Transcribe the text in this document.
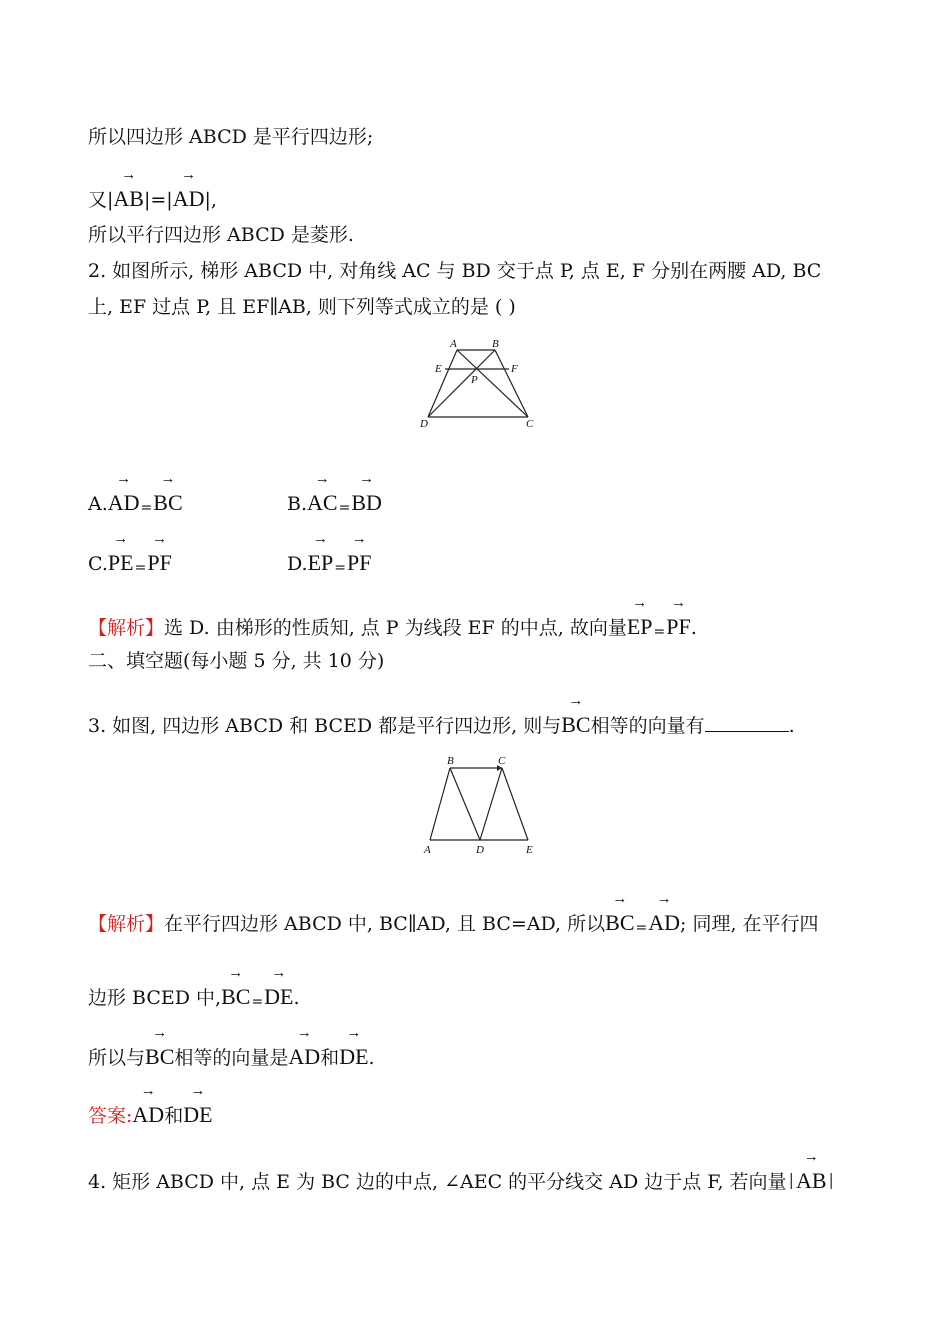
所以四边形 ABCD 是平行四边形;
又|→ AB|=|→ AD|,
所以平行四边形 ABCD 是菱形.
2. 如图所示, 梯形 ABCD 中, 对角线 AC 与 BD 交于点 P, 点 E, F 分别在两腰 AD, BC
上, EF 过点 P, 且 EF∥AB, 则下列等式成立的是 ( )
A	B
E	F
P
D	C
A.→ AD=→ BC	B.→ AC=→ BD
C.→ PE=→ PF	D.→ EP=→ PF
【解析】选 D. 由梯形的性质知, 点 P 为线段 EF 的中点, 故向量→ EP=→ PF.
二、填空题(每小题 5 分, 共 10 分)
3. 如图, 四边形 ABCD 和 BCED 都是平行四边形, 则与→ BC相等的向量有	.
B	C
A	D	E
【解析】在平行四边形 ABCD 中, BC∥AD, 且 BC=AD, 所以→ BC=→ AD; 同理, 在平行四
边形 BCED 中,→ BC=→ DE.
所以与→ BC相等的向量是→ AD和→ DE.
答案:→ AD和→ DE
4. 矩形 ABCD 中, 点 E 为 BC 边的中点, ∠AEC 的平分线交 AD 边于点 F, 若向量 |→ AB |
